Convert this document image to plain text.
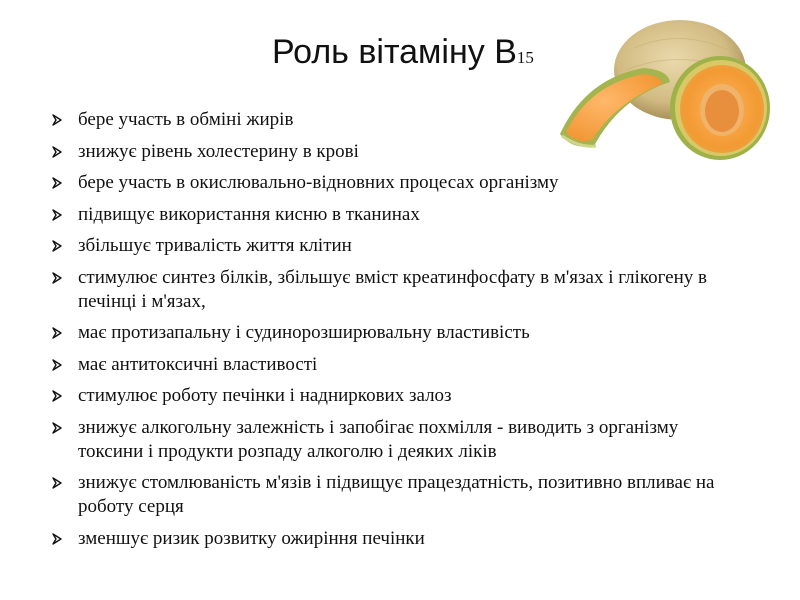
Роль вітаміну В15
бере участь в обміні жирів
знижує рівень холестерину в крові
бере участь в окислювально-відновних процесах організму
підвищує використання кисню в тканинах
збільшує тривалість життя клітин
стимулює синтез білків, збільшує вміст креатинфосфату в м'язах і глікогену в печінці і м'язах,
має протизапальну і судинорозширювальну властивість
має антитоксичні властивості
стимулює роботу печінки і надниркових залоз
знижує алкогольну залежність і запобігає похмілля - виводить з організму токсини і продукти розпаду алкоголю і деяких ліків
знижує стомлюваність м'язів і підвищує працездатність, позитивно впливає на роботу серця
зменшує ризик розвитку ожиріння печінки
